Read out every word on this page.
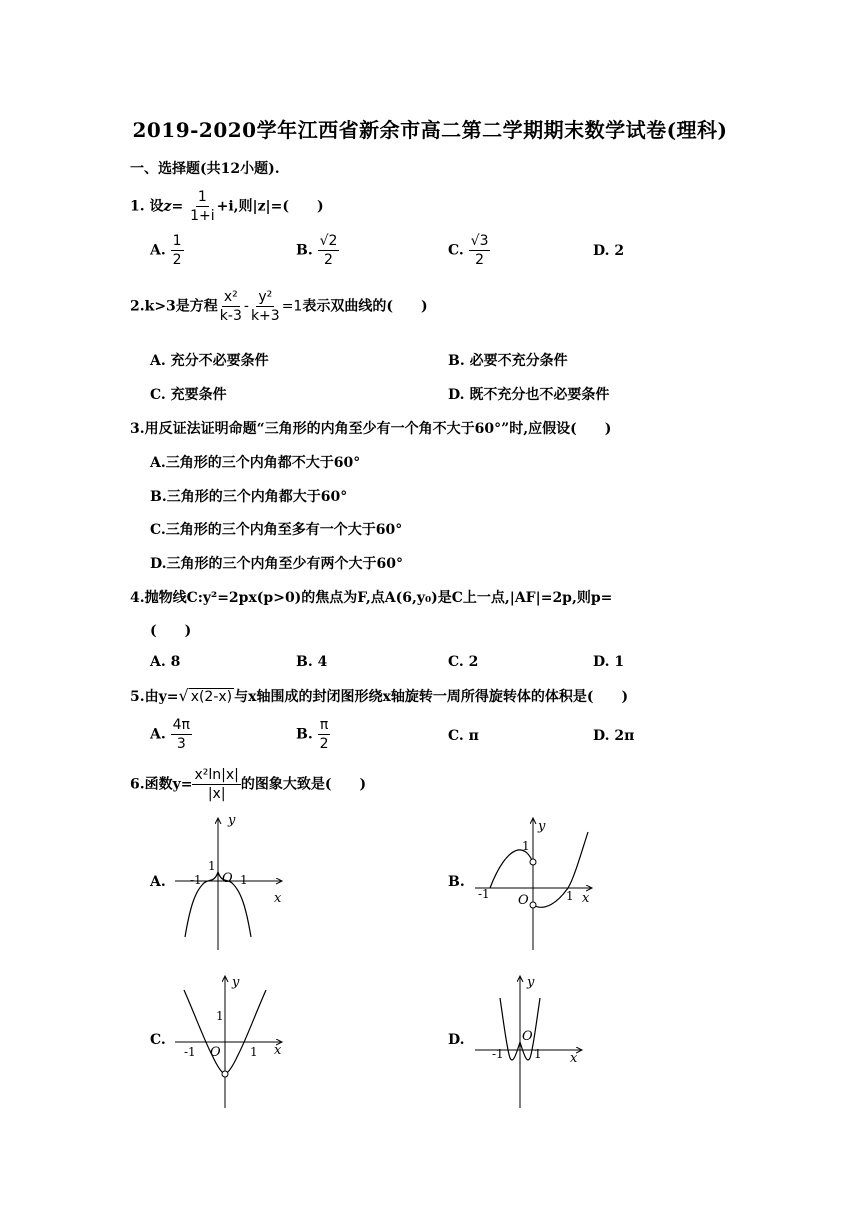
2019-2020学年江西省新余市高二第二学期期末数学试卷(理科)
一、选择题(共12小题).
1. 设$z= \frac{1}{1+i} +i$,则|z|=(　　)
A. $\frac{1}{2}$	B. $\frac{√2}{2}$	C. $\frac{√3}{2}$	D. 2
2.k>3是方程 $\frac{\text{x²}}{k-3} - \frac{\text{y²}}{k+3} =1$表示双曲线的(　　)
A. 充分不必要条件	B. 必要不充分条件
C. 充要条件	D. 既不充分也不必要条件
3.用反证法证明命题“三角形的内角至少有一个角不大于60°”时,应假设(　　)
A.三角形的三个内角都不大于60°
B.三角形的三个内角都大于60°
C.三角形的三个内角至多有一个大于60°
D.三角形的三个内角至少有两个大于60°
4.抛物线C:y²=2px(p>0)的焦点为F,点A(6,y₀)是C上一点,|AF|=2p,则p=
(　　)
A. 8	B. 4	C. 2	D. 1
5.由y=√ x(2-x) 与x轴围成的封闭图形绕x轴旋转一周所得旋转体的体积是(　　)
A. $\frac{4\pi}{3}$	B. $\frac{\pi}{2}$	C. π	D. 2π
6.函数$y= \frac{\text{x²ln|x|}}{|x|}$ 的图象大致是(　　)
A.	B.
C.	D.
y
x
O
1
-1	1
y
x
O
1
-1	1
y
x
O
1
-1	1
y
x
O
-1	1
